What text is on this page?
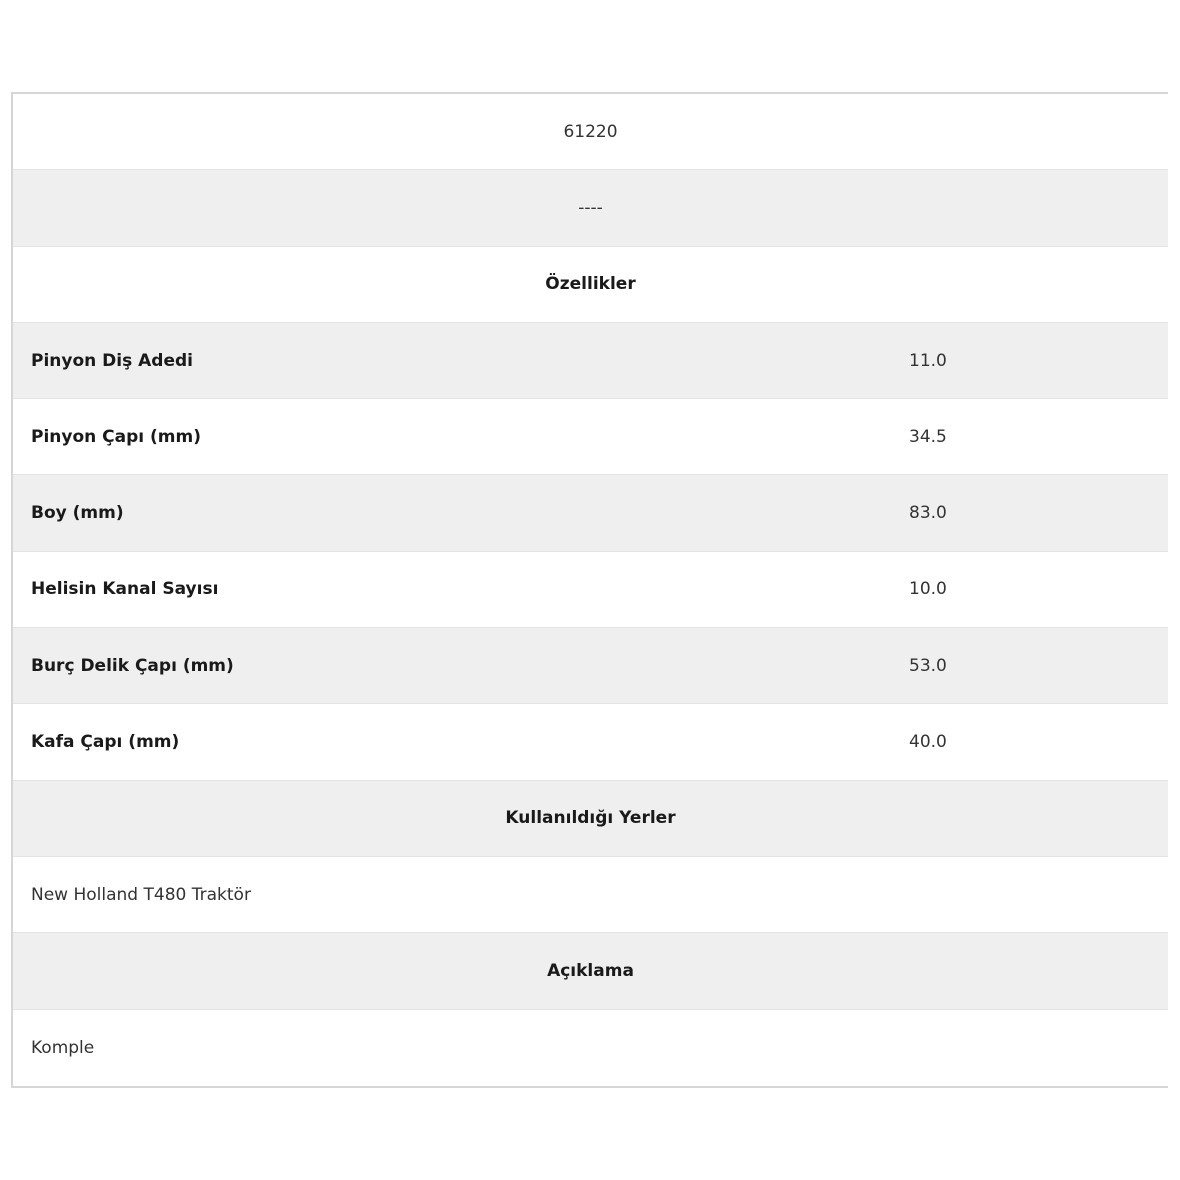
61220
----
Özellikler
Pinyon Diş Adedi	11.0
Pinyon Çapı (mm)	34.5
Boy (mm)	83.0
Helisin Kanal Sayısı	10.0
Burç Delik Çapı (mm)	53.0
Kafa Çapı (mm)	40.0
Kullanıldığı Yerler
New Holland T480 Traktör
Açıklama
Komple
